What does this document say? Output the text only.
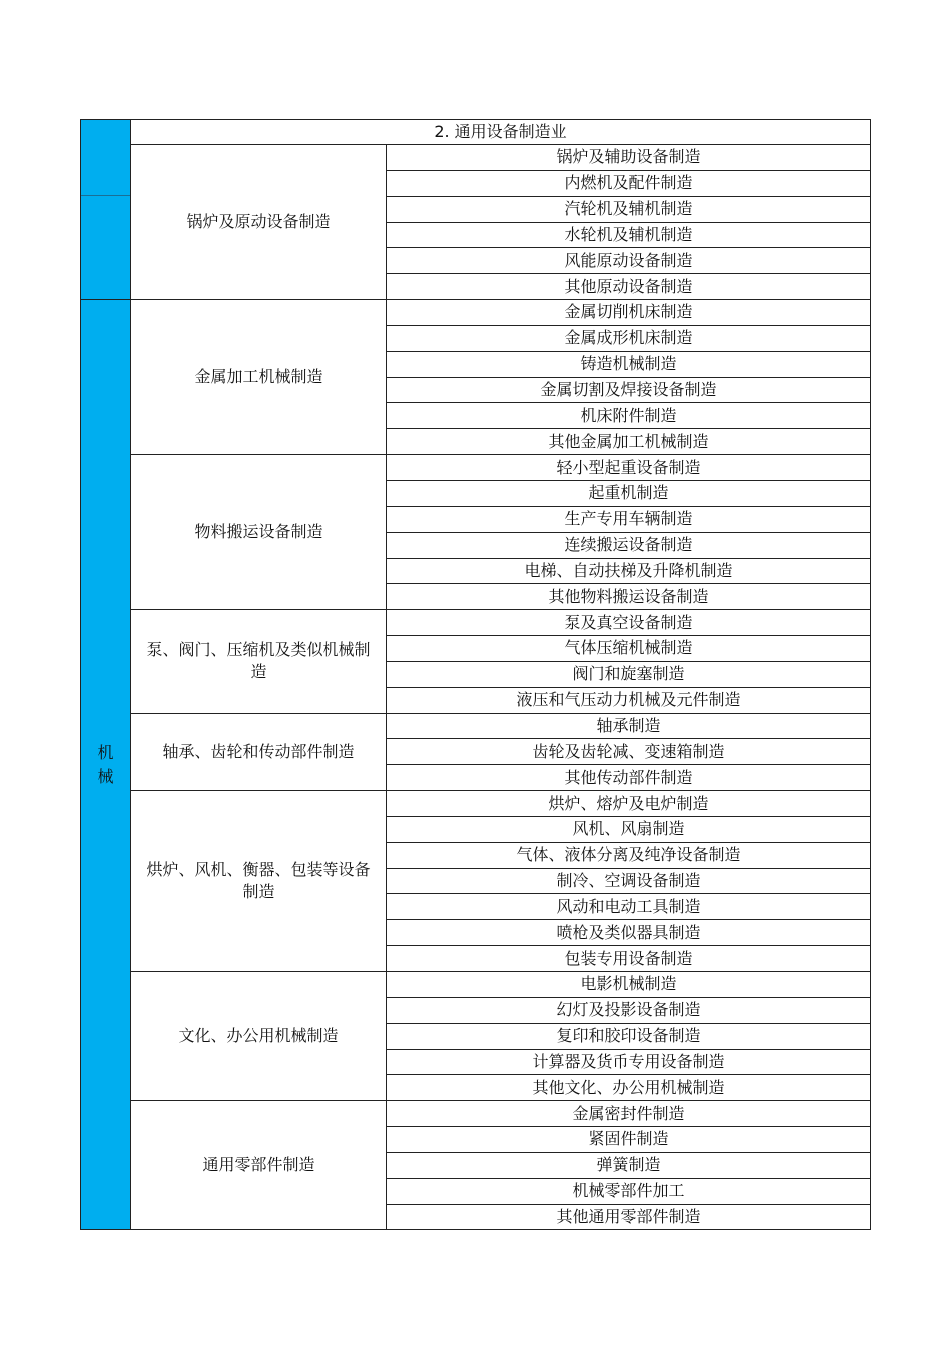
	2. 通用设备制造业	
	锅炉及原动设备制造	锅炉及辅助设备制造
		内燃机及配件制造
		汽轮机及辅机制造
		水轮机及辅机制造
		风能原动设备制造
		其他原动设备制造
机械	金属加工机械制造	金属切削机床制造
		金属成形机床制造
		铸造机械制造
		金属切割及焊接设备制造
		机床附件制造
		其他金属加工机械制造
	物料搬运设备制造	轻小型起重设备制造
		起重机制造
		生产专用车辆制造
		连续搬运设备制造
		电梯、自动扶梯及升降机制造
		其他物料搬运设备制造
	泵、阀门、压缩机及类似机械制造	泵及真空设备制造
		气体压缩机械制造
		阀门和旋塞制造
		液压和气压动力机械及元件制造
	轴承、齿轮和传动部件制造	轴承制造
		齿轮及齿轮减、变速箱制造
		其他传动部件制造
	烘炉、风机、衡器、包装等设备制造	烘炉、熔炉及电炉制造
		风机、风扇制造
		气体、液体分离及纯净设备制造
		制冷、空调设备制造
		风动和电动工具制造
		喷枪及类似器具制造
		包装专用设备制造
	文化、办公用机械制造	电影机械制造
		幻灯及投影设备制造
		复印和胶印设备制造
		计算器及货币专用设备制造
		其他文化、办公用机械制造
	通用零部件制造	金属密封件制造
		紧固件制造
		弹簧制造
		机械零部件加工
		其他通用零部件制造
